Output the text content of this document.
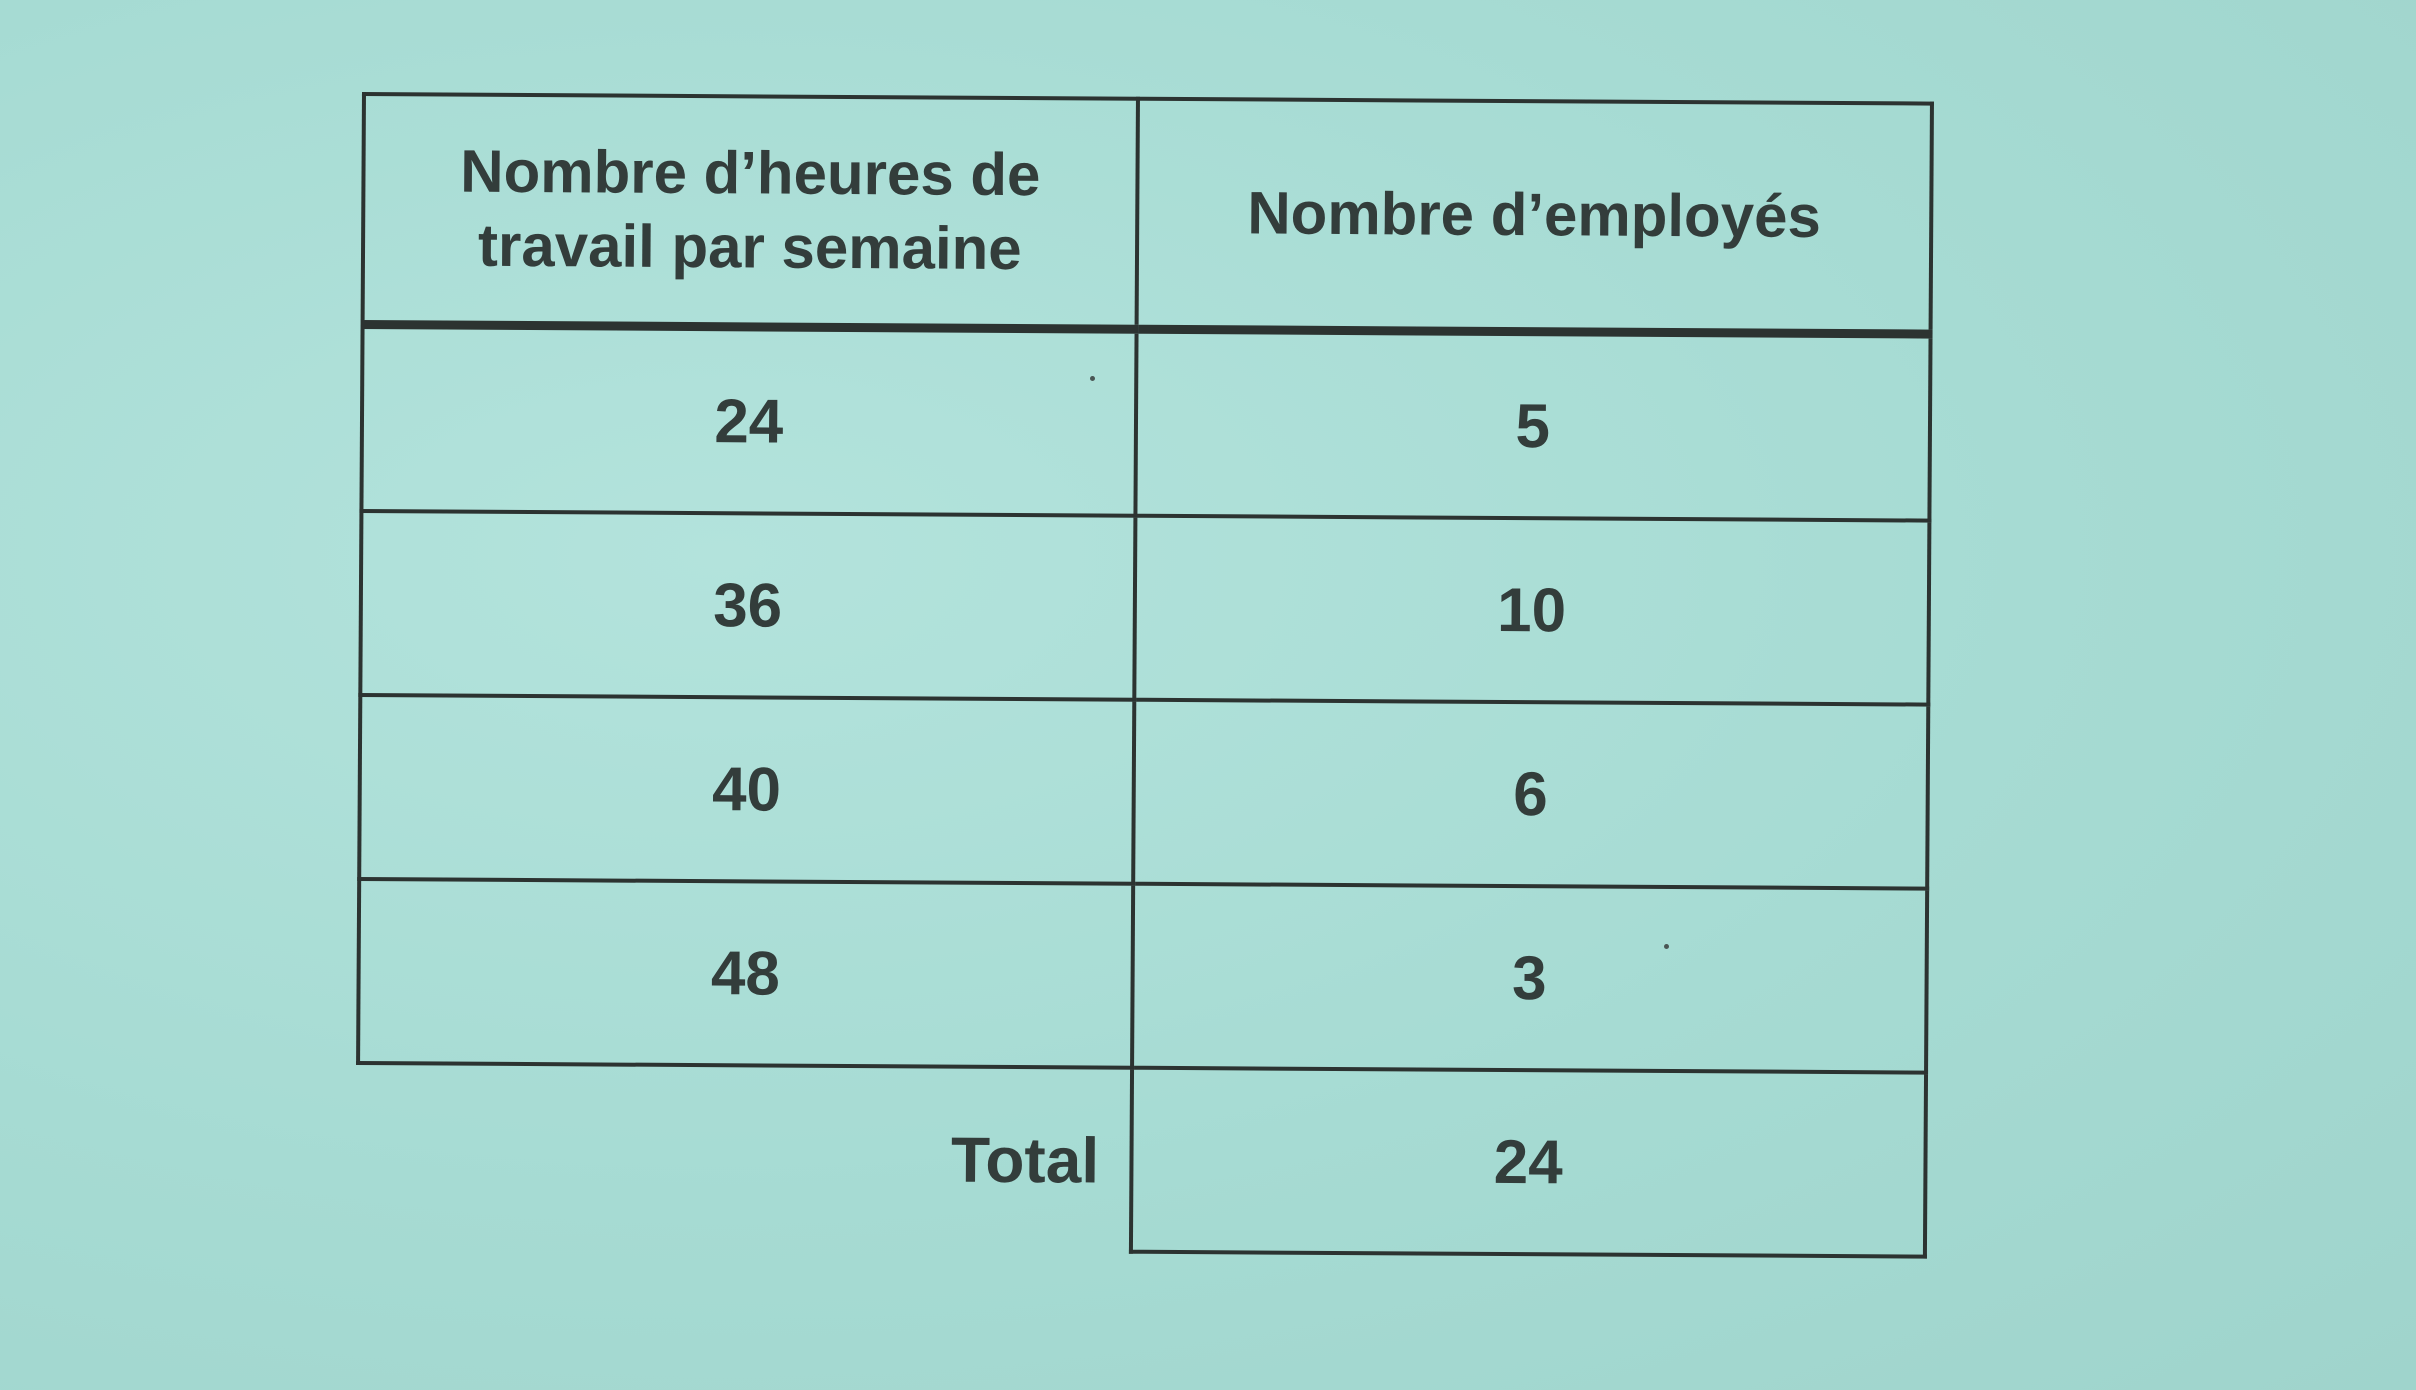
Nombre d’heures de
travail par semaine	Nombre d’employés
24	5
36	10
40	6
48	3
Total	24
